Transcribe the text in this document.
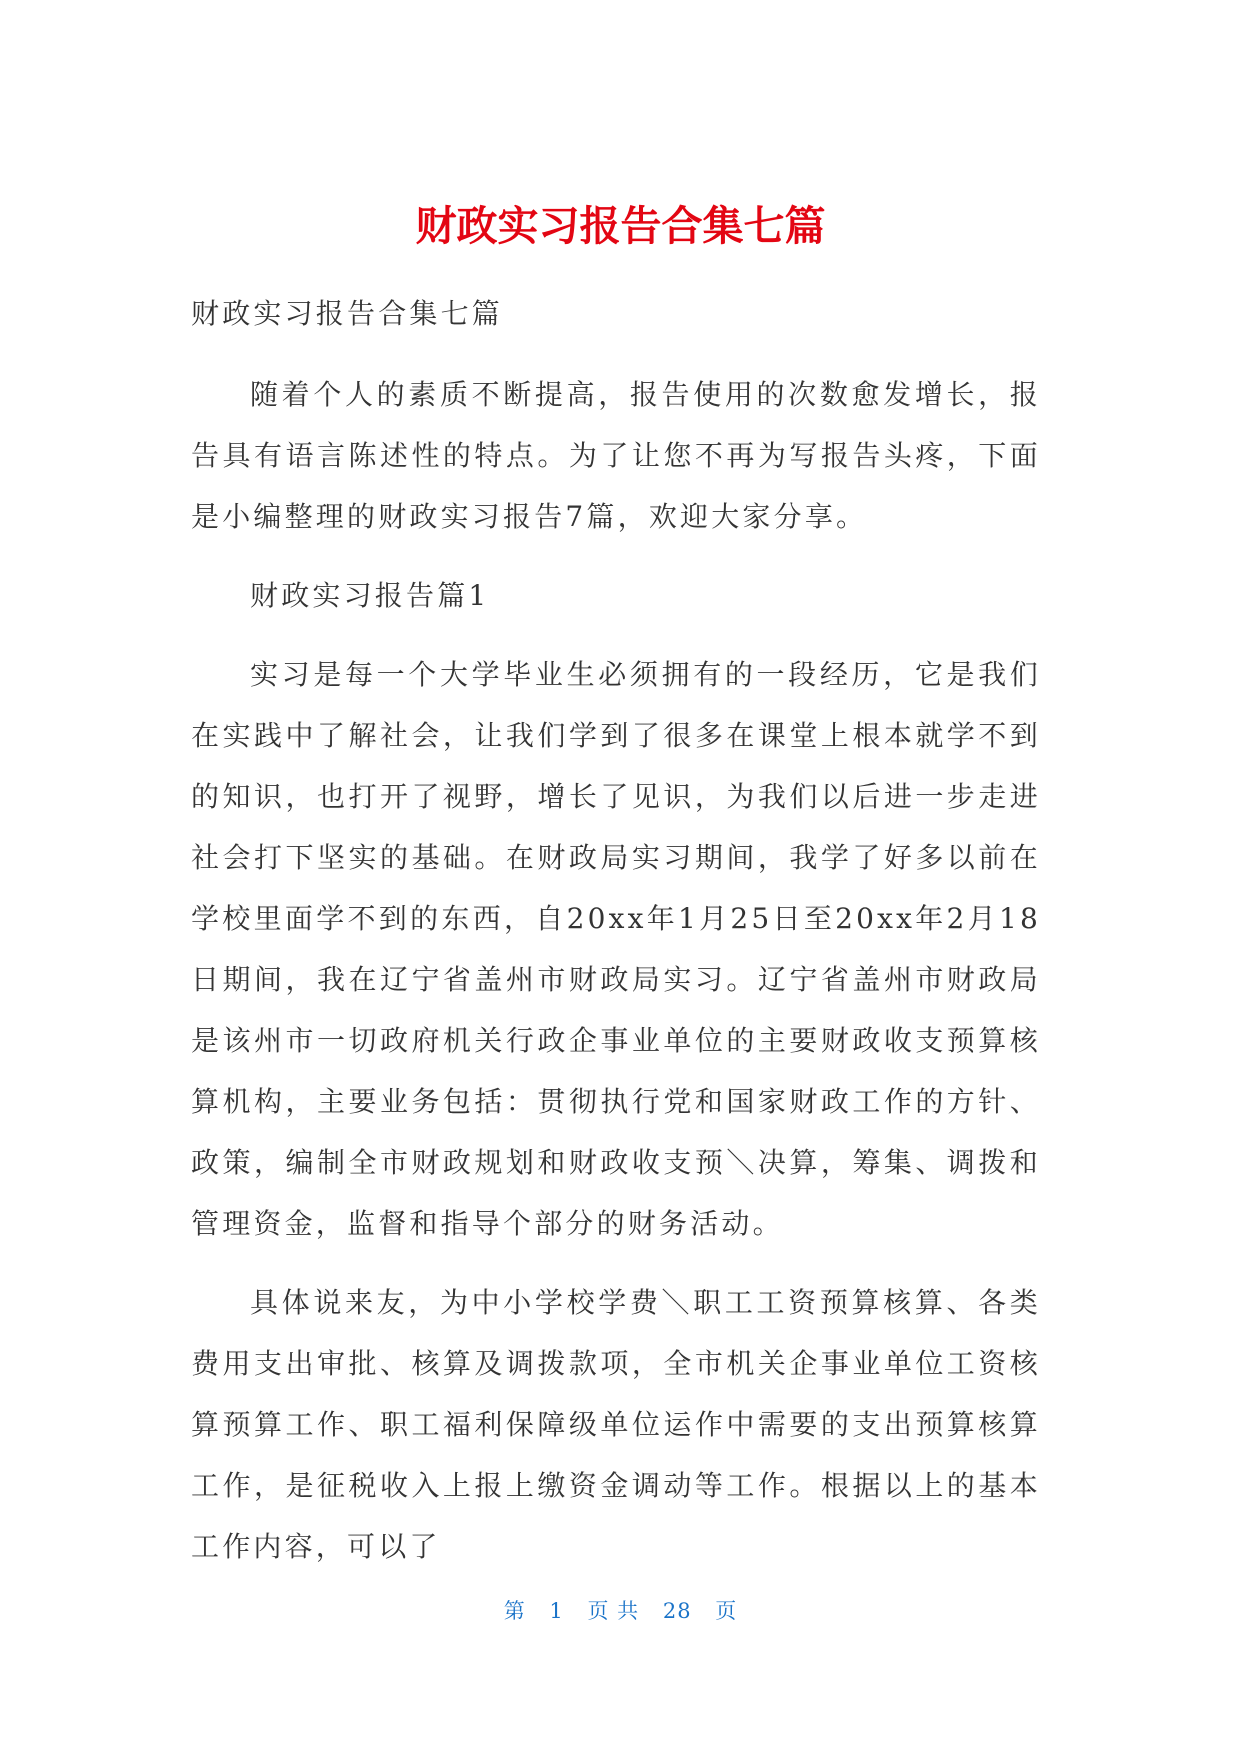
财政实习报告合集七篇

财政实习报告合集七篇

随着个人的素质不断提高，报告使用的次数愈发增长，报告具有语言陈述性的特点。为了让您不再为写报告头疼，下面是小编整理的财政实习报告7篇，欢迎大家分享。

财政实习报告篇1

实习是每一个大学毕业生必须拥有的一段经历，它是我们在实践中了解社会，让我们学到了很多在课堂上根本就学不到的知识，也打开了视野，增长了见识，为我们以后进一步走进社会打下坚实的基础。在财政局实习期间，我学了好多以前在学校里面学不到的东西，自20xx年1月25日至20xx年2月18日期间，我在辽宁省盖州市财政局实习。辽宁省盖州市财政局是该州市一切政府机关行政企事业单位的主要财政收支预算核算机构，主要业务包括：贯彻执行党和国家财政工作的方针、政策，编制全市财政规划和财政收支预＼决算，筹集、调拨和管理资金，监督和指导个部分的财务活动。

具体说来友，为中小学校学费＼职工工资预算核算、各类费用支出审批、核算及调拨款项，全市机关企事业单位工资核算预算工作、职工福利保障级单位运作中需要的支出预算核算工作，是征税收入上报上缴资金调动等工作。根据以上的基本工作内容，可以了

第 1 页 共 28 页
